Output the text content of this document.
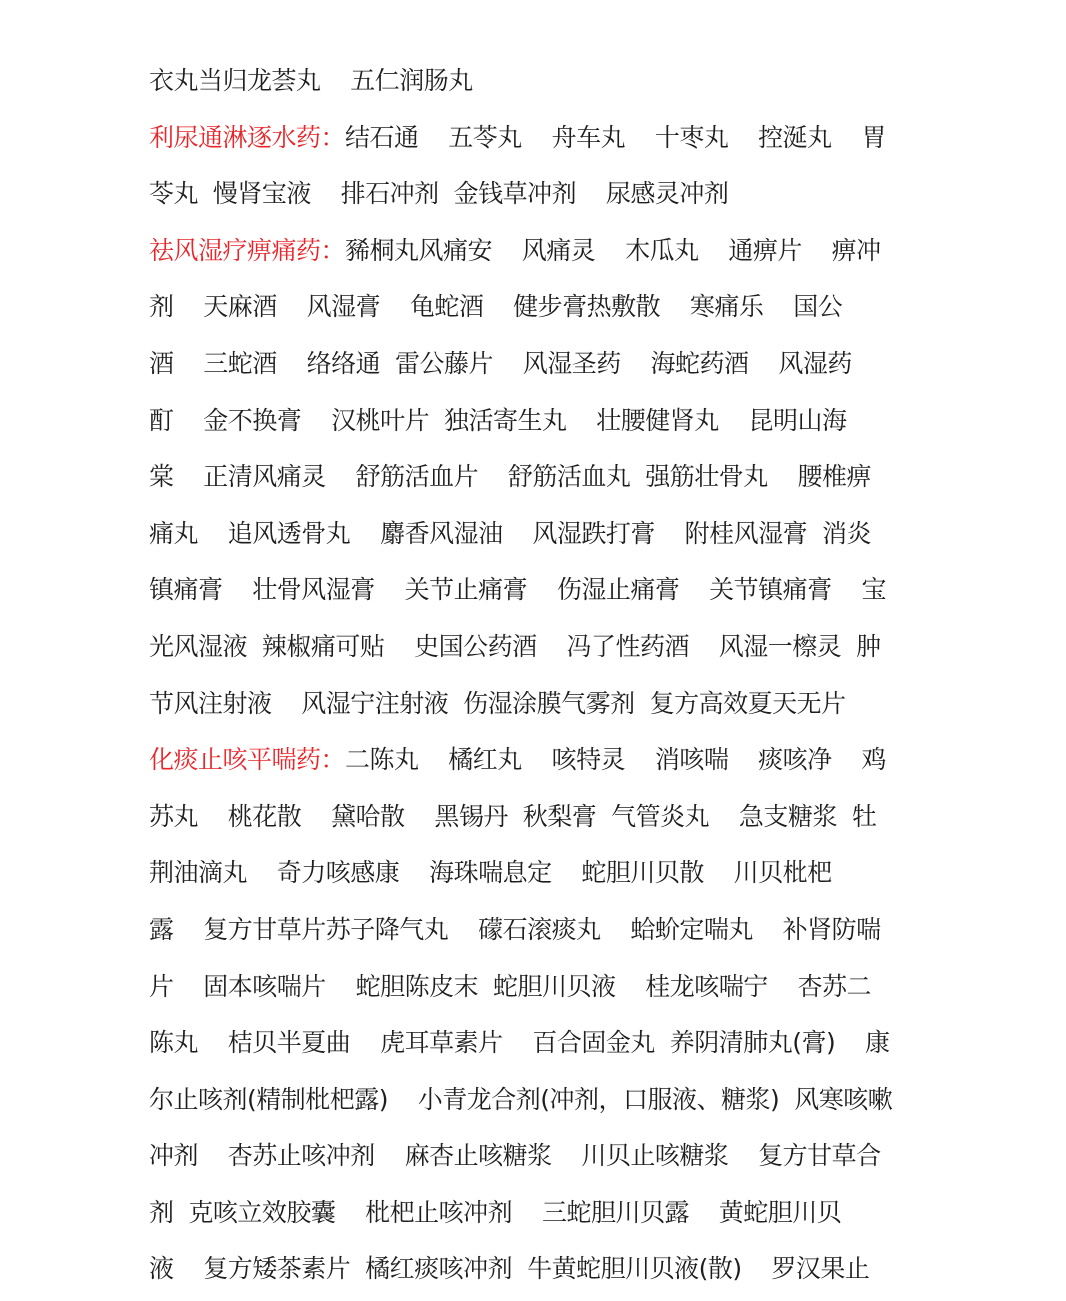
衣丸当归龙荟丸    五仁润肠丸
利尿通淋逐水药：结石通    五苓丸    舟车丸    十枣丸    控涎丸    胃
苓丸  慢肾宝液    排石冲剂  金钱草冲剂    尿感灵冲剂
祛风湿疗痹痛药：豨桐丸风痛安    风痛灵    木瓜丸    通痹片    痹冲
剂    天麻酒    风湿膏    龟蛇酒    健步膏热敷散    寒痛乐    国公
酒    三蛇酒    络络通  雷公藤片    风湿圣药    海蛇药酒    风湿药
酊    金不换膏    汉桃叶片  独活寄生丸    壮腰健肾丸    昆明山海
棠    正清风痛灵    舒筋活血片    舒筋活血丸  强筋壮骨丸    腰椎痹
痛丸    追风透骨丸    麝香风湿油    风湿跌打膏    附桂风湿膏  消炎
镇痛膏    壮骨风湿膏    关节止痛膏    伤湿止痛膏    关节镇痛膏    宝
光风湿液  辣椒痛可贴    史国公药酒    冯了性药酒    风湿一檫灵  肿
节风注射液    风湿宁注射液  伤湿涂膜气雾剂  复方高效夏天无片
化痰止咳平喘药：二陈丸    橘红丸    咳特灵    消咳喘    痰咳净    鸡
苏丸    桃花散    黛哈散    黑锡丹  秋梨膏  气管炎丸    急支糖浆  牡
荆油滴丸    奇力咳感康    海珠喘息定    蛇胆川贝散    川贝枇杷
露    复方甘草片苏子降气丸    礞石滚痰丸    蛤蚧定喘丸    补肾防喘
片    固本咳喘片    蛇胆陈皮末  蛇胆川贝液    桂龙咳喘宁    杏苏二
陈丸    桔贝半夏曲    虎耳草素片    百合固金丸  养阴清肺丸(膏)    康
尔止咳剂(精制枇杷露)    小青龙合剂(冲剂，口服液、糖浆)  风寒咳嗽
冲剂    杏苏止咳冲剂    麻杏止咳糖浆    川贝止咳糖浆    复方甘草合
剂  克咳立效胶囊    枇杷止咳冲剂    三蛇胆川贝露    黄蛇胆川贝
液    复方矮茶素片  橘红痰咳冲剂  牛黄蛇胆川贝液(散)    罗汉果止
